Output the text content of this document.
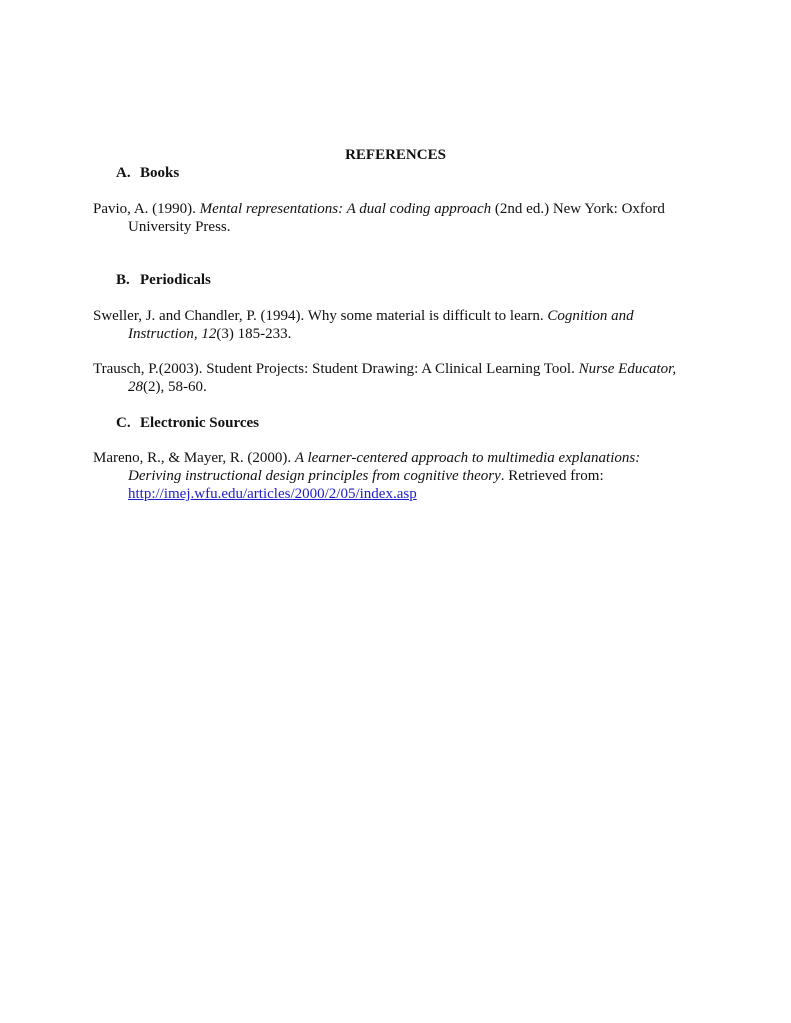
REFERENCES
A. Books
Pavio, A. (1990). Mental representations: A dual coding approach (2nd ed.) New York: Oxford
University Press.
B. Periodicals
Sweller, J. and Chandler, P. (1994). Why some material is difficult to learn. Cognition and
Instruction, 12(3) 185-233.
Trausch, P.(2003). Student Projects: Student Drawing: A Clinical Learning Tool. Nurse Educator,
28(2), 58-60.
C. Electronic Sources
Mareno, R., & Mayer, R. (2000). A learner-centered approach to multimedia explanations:
Deriving instructional design principles from cognitive theory. Retrieved from:
http://imej.wfu.edu/articles/2000/2/05/index.asp
